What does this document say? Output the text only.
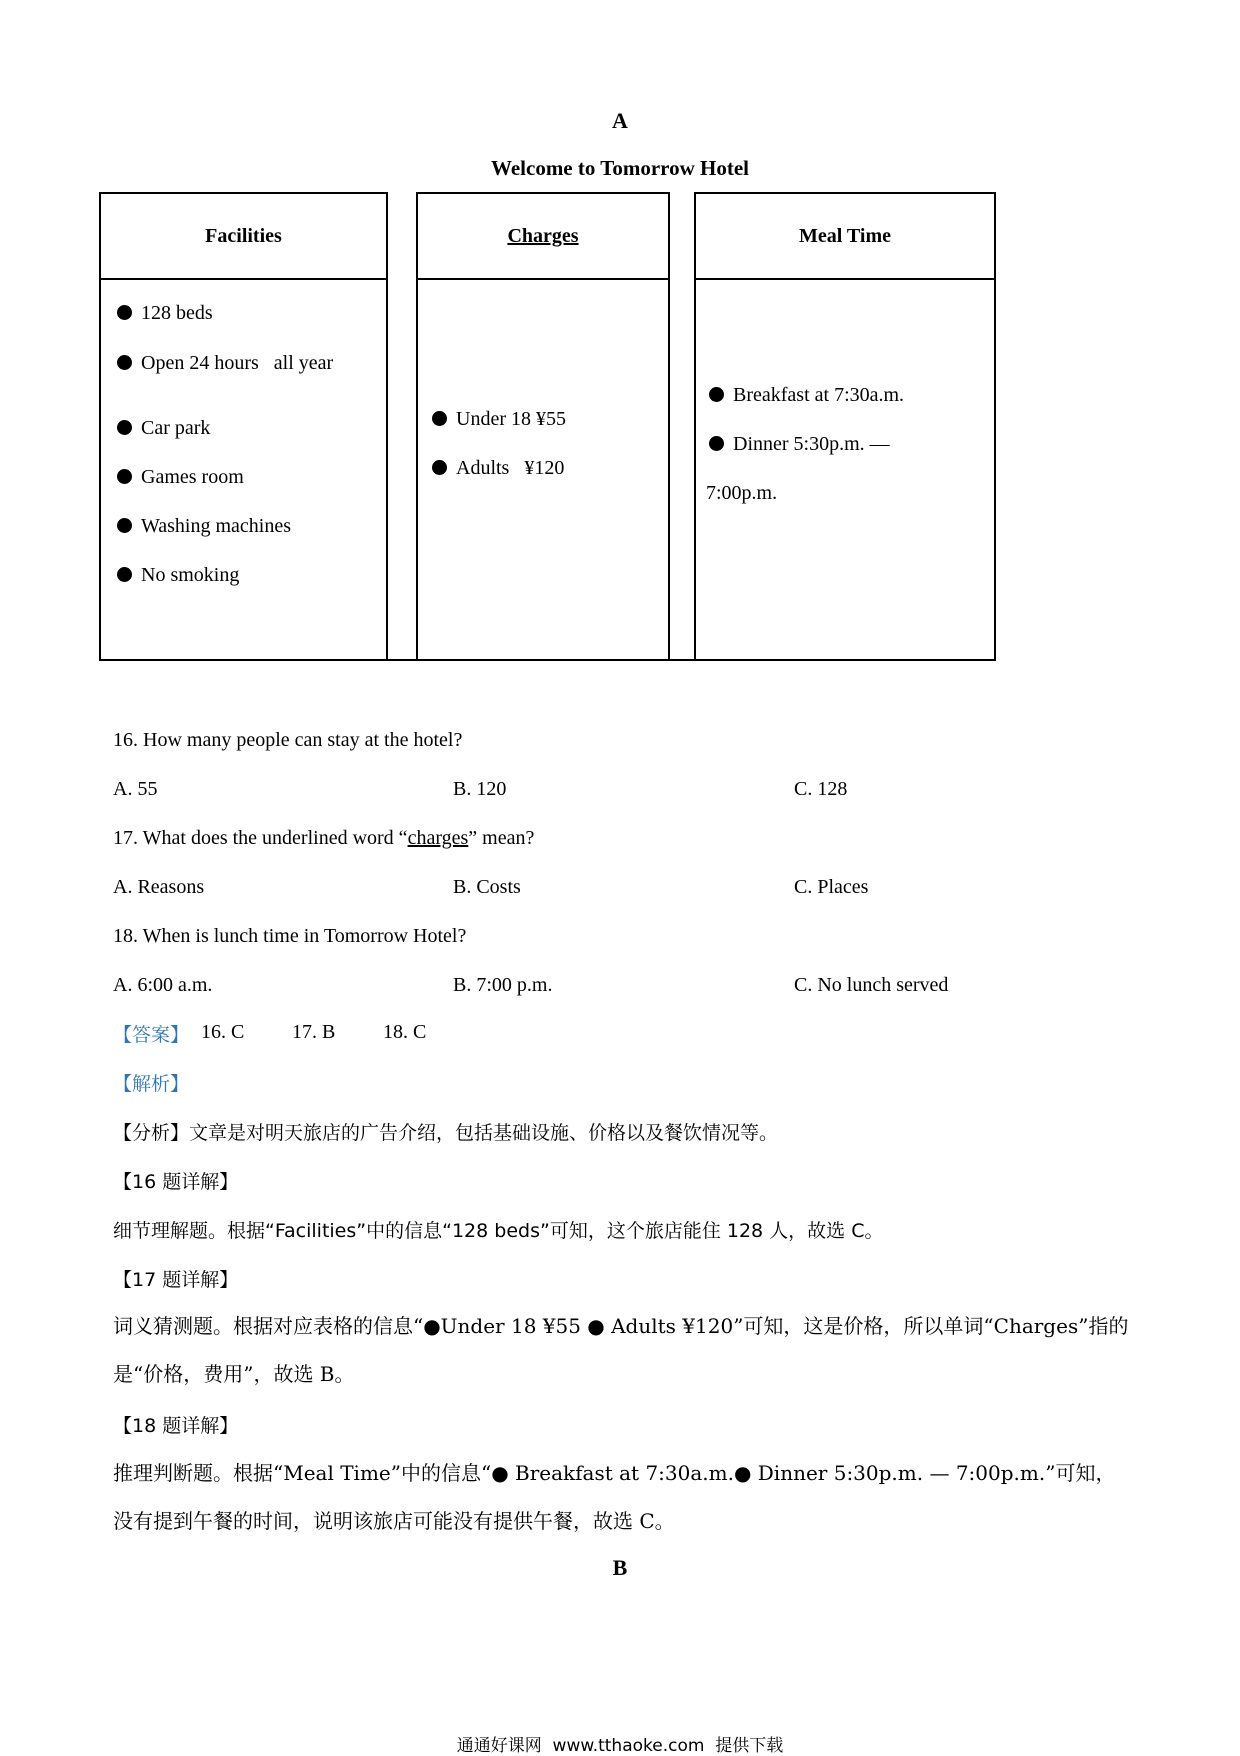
A
Welcome to Tomorrow Hotel
Facilities
128 beds
Open 24 hours   all year
Car park
Games room
Washing machines
No smoking
Charges
Under 18 ¥55
Adults   ¥120
Meal Time
Breakfast at 7:30a.m.
Dinner 5:30p.m. —
7:00p.m.
16. How many people can stay at the hotel?
A. 55	B. 120	C. 128
17. What does the underlined word “charges” mean?
A. Reasons	B. Costs	C. Places
18. When is lunch time in Tomorrow Hotel?
A. 6:00 a.m.	B. 7:00 p.m.	C. No lunch served
【答案】 16. C 17. B 18. C
【解析】
【分析】文章是对明天旅店的广告介绍，包括基础设施、价格以及餐饮情况等。
【16 题详解】
细节理解题。根据“Facilities”中的信息“128 beds”可知，这个旅店能住 128 人，故选 C。
【17 题详解】
词义猜测题。根据对应表格的信息“●Under 18 ¥55 ● Adults ¥120”可知，这是价格，所以单词“Charges”指的是“价格，费用”，故选 B。
【18 题详解】
推理判断题。根据“Meal Time”中的信息“● Breakfast at 7:30a.m.● Dinner 5:30p.m. — 7:00p.m.”可知，没有提到午餐的时间，说明该旅店可能没有提供午餐，故选 C。
B
通通好课网  www.tthaoke.com  提供下载
